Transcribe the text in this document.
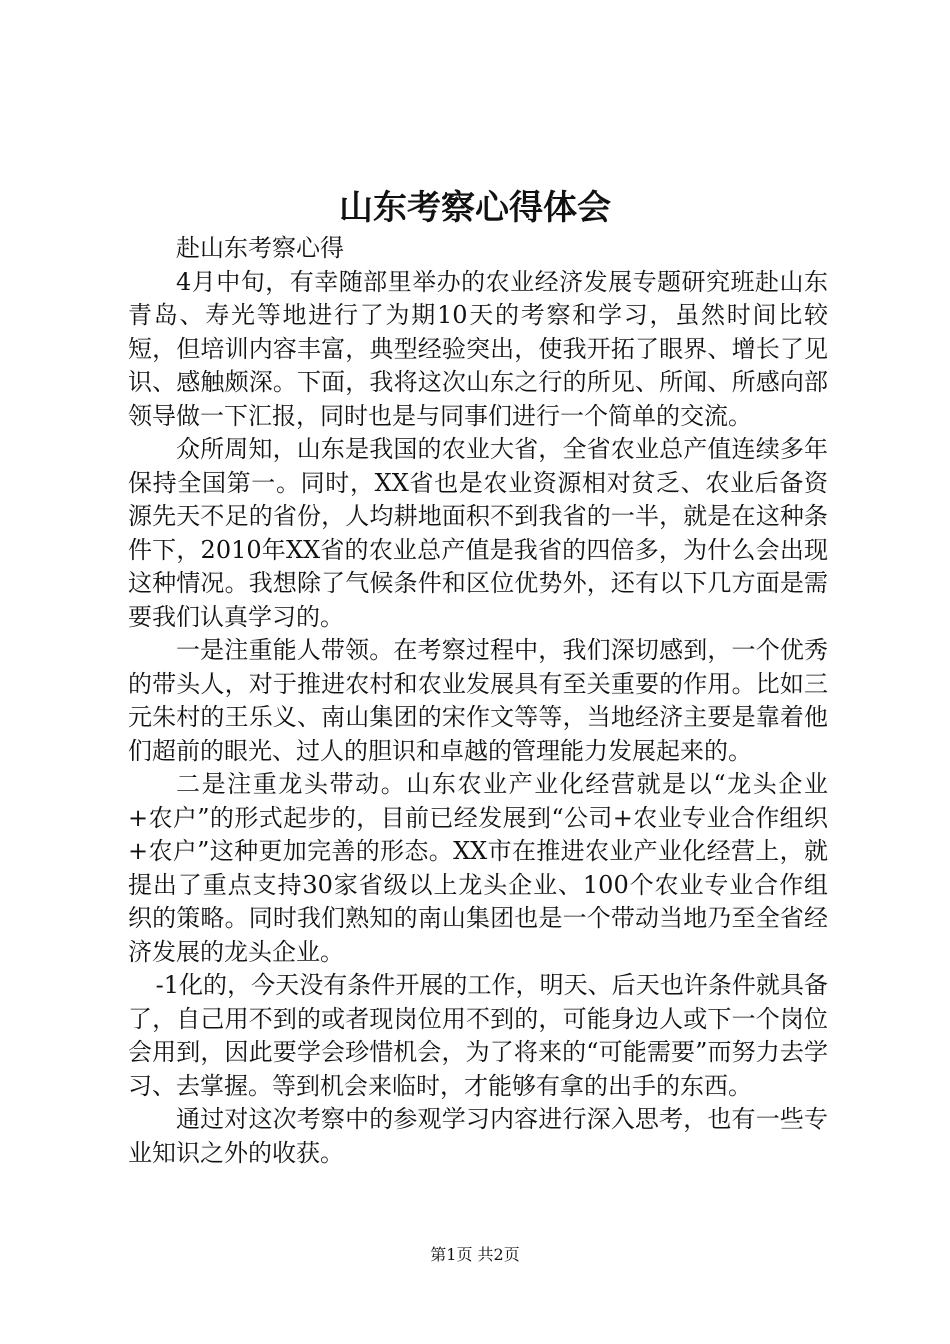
山东考察心得体会

赴山东考察心得

4月中旬，有幸随部里举办的农业经济发展专题研究班赴山东青岛、寿光等地进行了为期10天的考察和学习，虽然时间比较短，但培训内容丰富，典型经验突出，使我开拓了眼界、增长了见识、感触颇深。下面，我将这次山东之行的所见、所闻、所感向部领导做一下汇报，同时也是与同事们进行一个简单的交流。

众所周知，山东是我国的农业大省，全省农业总产值连续多年保持全国第一。同时，XX省也是农业资源相对贫乏、农业后备资源先天不足的省份，人均耕地面积不到我省的一半，就是在这种条件下，2010年XX省的农业总产值是我省的四倍多，为什么会出现这种情况。我想除了气候条件和区位优势外，还有以下几方面是需要我们认真学习的。

一是注重能人带领。在考察过程中，我们深切感到，一个优秀的带头人，对于推进农村和农业发展具有至关重要的作用。比如三元朱村的王乐义、南山集团的宋作文等等，当地经济主要是靠着他们超前的眼光、过人的胆识和卓越的管理能力发展起来的。

二是注重龙头带动。山东农业产业化经营就是以“龙头企业+农户”的形式起步的，目前已经发展到“公司+农业专业合作组织+农户”这种更加完善的形态。XX市在推进农业产业化经营上，就提出了重点支持30家省级以上龙头企业、100个农业专业合作组织的策略。同时我们熟知的南山集团也是一个带动当地乃至全省经济发展的龙头企业。

-1化的，今天没有条件开展的工作，明天、后天也许条件就具备了，自己用不到的或者现岗位用不到的，可能身边人或下一个岗位会用到，因此要学会珍惜机会，为了将来的“可能需要”而努力去学习、去掌握。等到机会来临时，才能够有拿的出手的东西。

通过对这次考察中的参观学习内容进行深入思考，也有一些专业知识之外的收获。

第1页 共2页
